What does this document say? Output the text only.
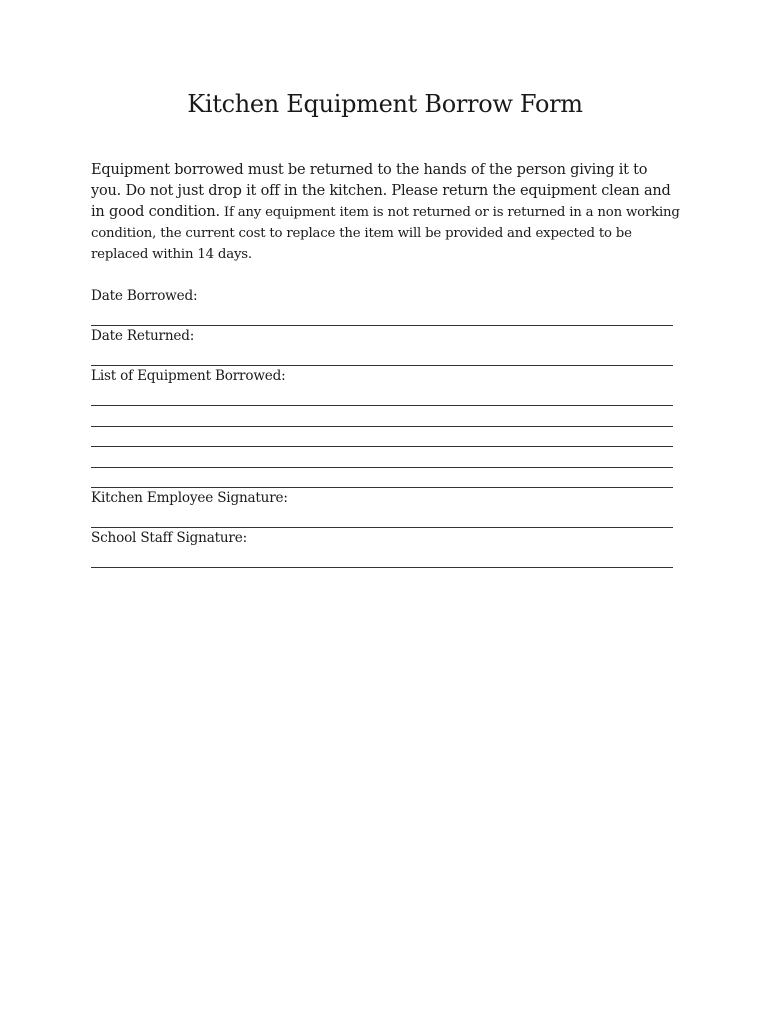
Kitchen Equipment Borrow Form
Equipment borrowed must be returned to the hands of the person giving it to you. Do not just drop it off in the kitchen. Please return the equipment clean and in good condition. If any equipment item is not returned or is returned in a non working condition, the current cost to replace the item will be provided and expected to be replaced within 14 days.
Date Borrowed:
Date Returned:
List of Equipment Borrowed:
Kitchen Employee Signature:
School Staff Signature:
